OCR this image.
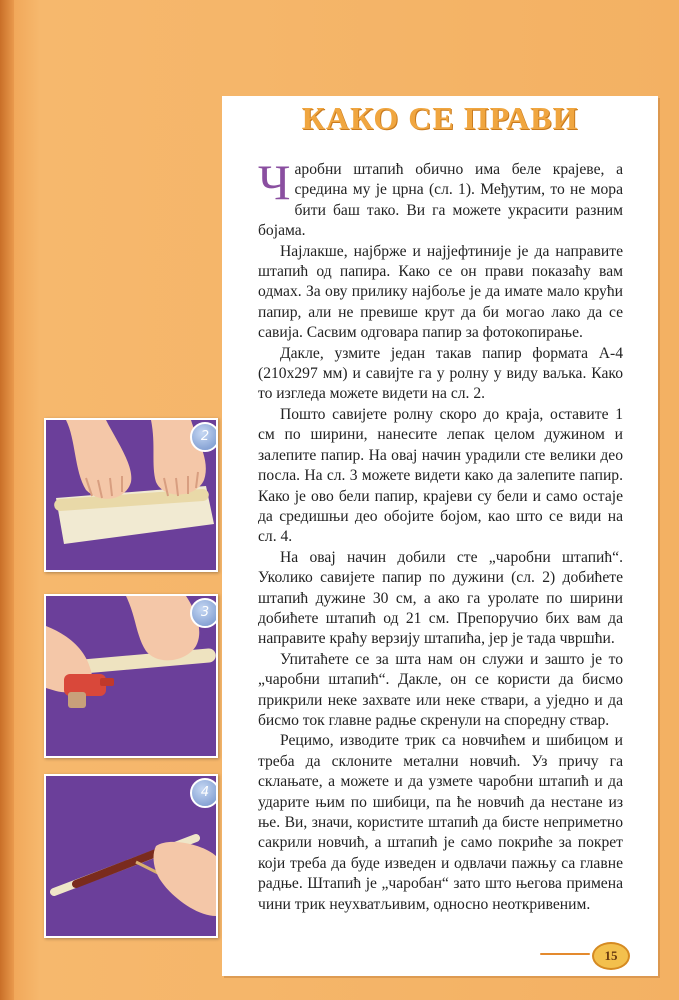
2
3
4
КАКО СЕ ПРАВИ

Чаробни штапић обично има беле крајеве, а средина му је црна (сл. 1). Међутим, то не мора бити баш тако. Ви га можете украсити разним бојама.

Најлакше, најбрже и најјефтиније је да направите штапић од папира. Како се он прави показаћу вам одмах. За ову прилику најбоље је да имате мало крући папир, али не превише крут да би могао лако да се савија. Сасвим одговара папир за фотокопирање.

Дакле, узмите један такав папир формата А-4 (210х297 мм) и савијте га у ролну у виду ваљка. Како то изгледа можете видети на сл. 2.

Пошто савијете ролну скоро до краја, оставите 1 см по ширини, нанесите лепак целом дужином и залепите папир. На овај начин урадили сте велики део посла. На сл. 3 можете видети како да залепите папир. Како је ово бели папир, крајеви су бели и само остаје да средишњи део обојите бојом, као што се види на сл. 4.

На овај начин добили сте „чаробни штапић“. Уколико савијете папир по дужини (сл. 2) добићете штапић дужине 30 см, а ако га уролате по ширини добићете штапић од 21 см. Препоручио бих вам да направите краћу верзију штапића, јер је тада чвршћи.

Упитаћете се за шта нам он служи и зашто је то „чаробни штапић“. Дакле, он се користи да бисмо прикрили неке захвате или неке ствари, а уједно и да бисмо ток главне радње скренули на споредну ствар.

Рецимо, изводите трик са новчићем и шибицом и треба да склоните метални новчић. Уз причу га склањате, а можете и да узмете чаробни штапић и да ударите њим по шибици, па ће новчић да нестане из ње. Ви, значи, користите штапић да бисте неприметно сакрили новчић, а штапић је само покриће за покрет који треба да буде изведен и одвлачи пажњу са главне радње. Штапић је „чаробан“ зато што његова примена чини трик неухватљивим, односно неоткривеним.

15
